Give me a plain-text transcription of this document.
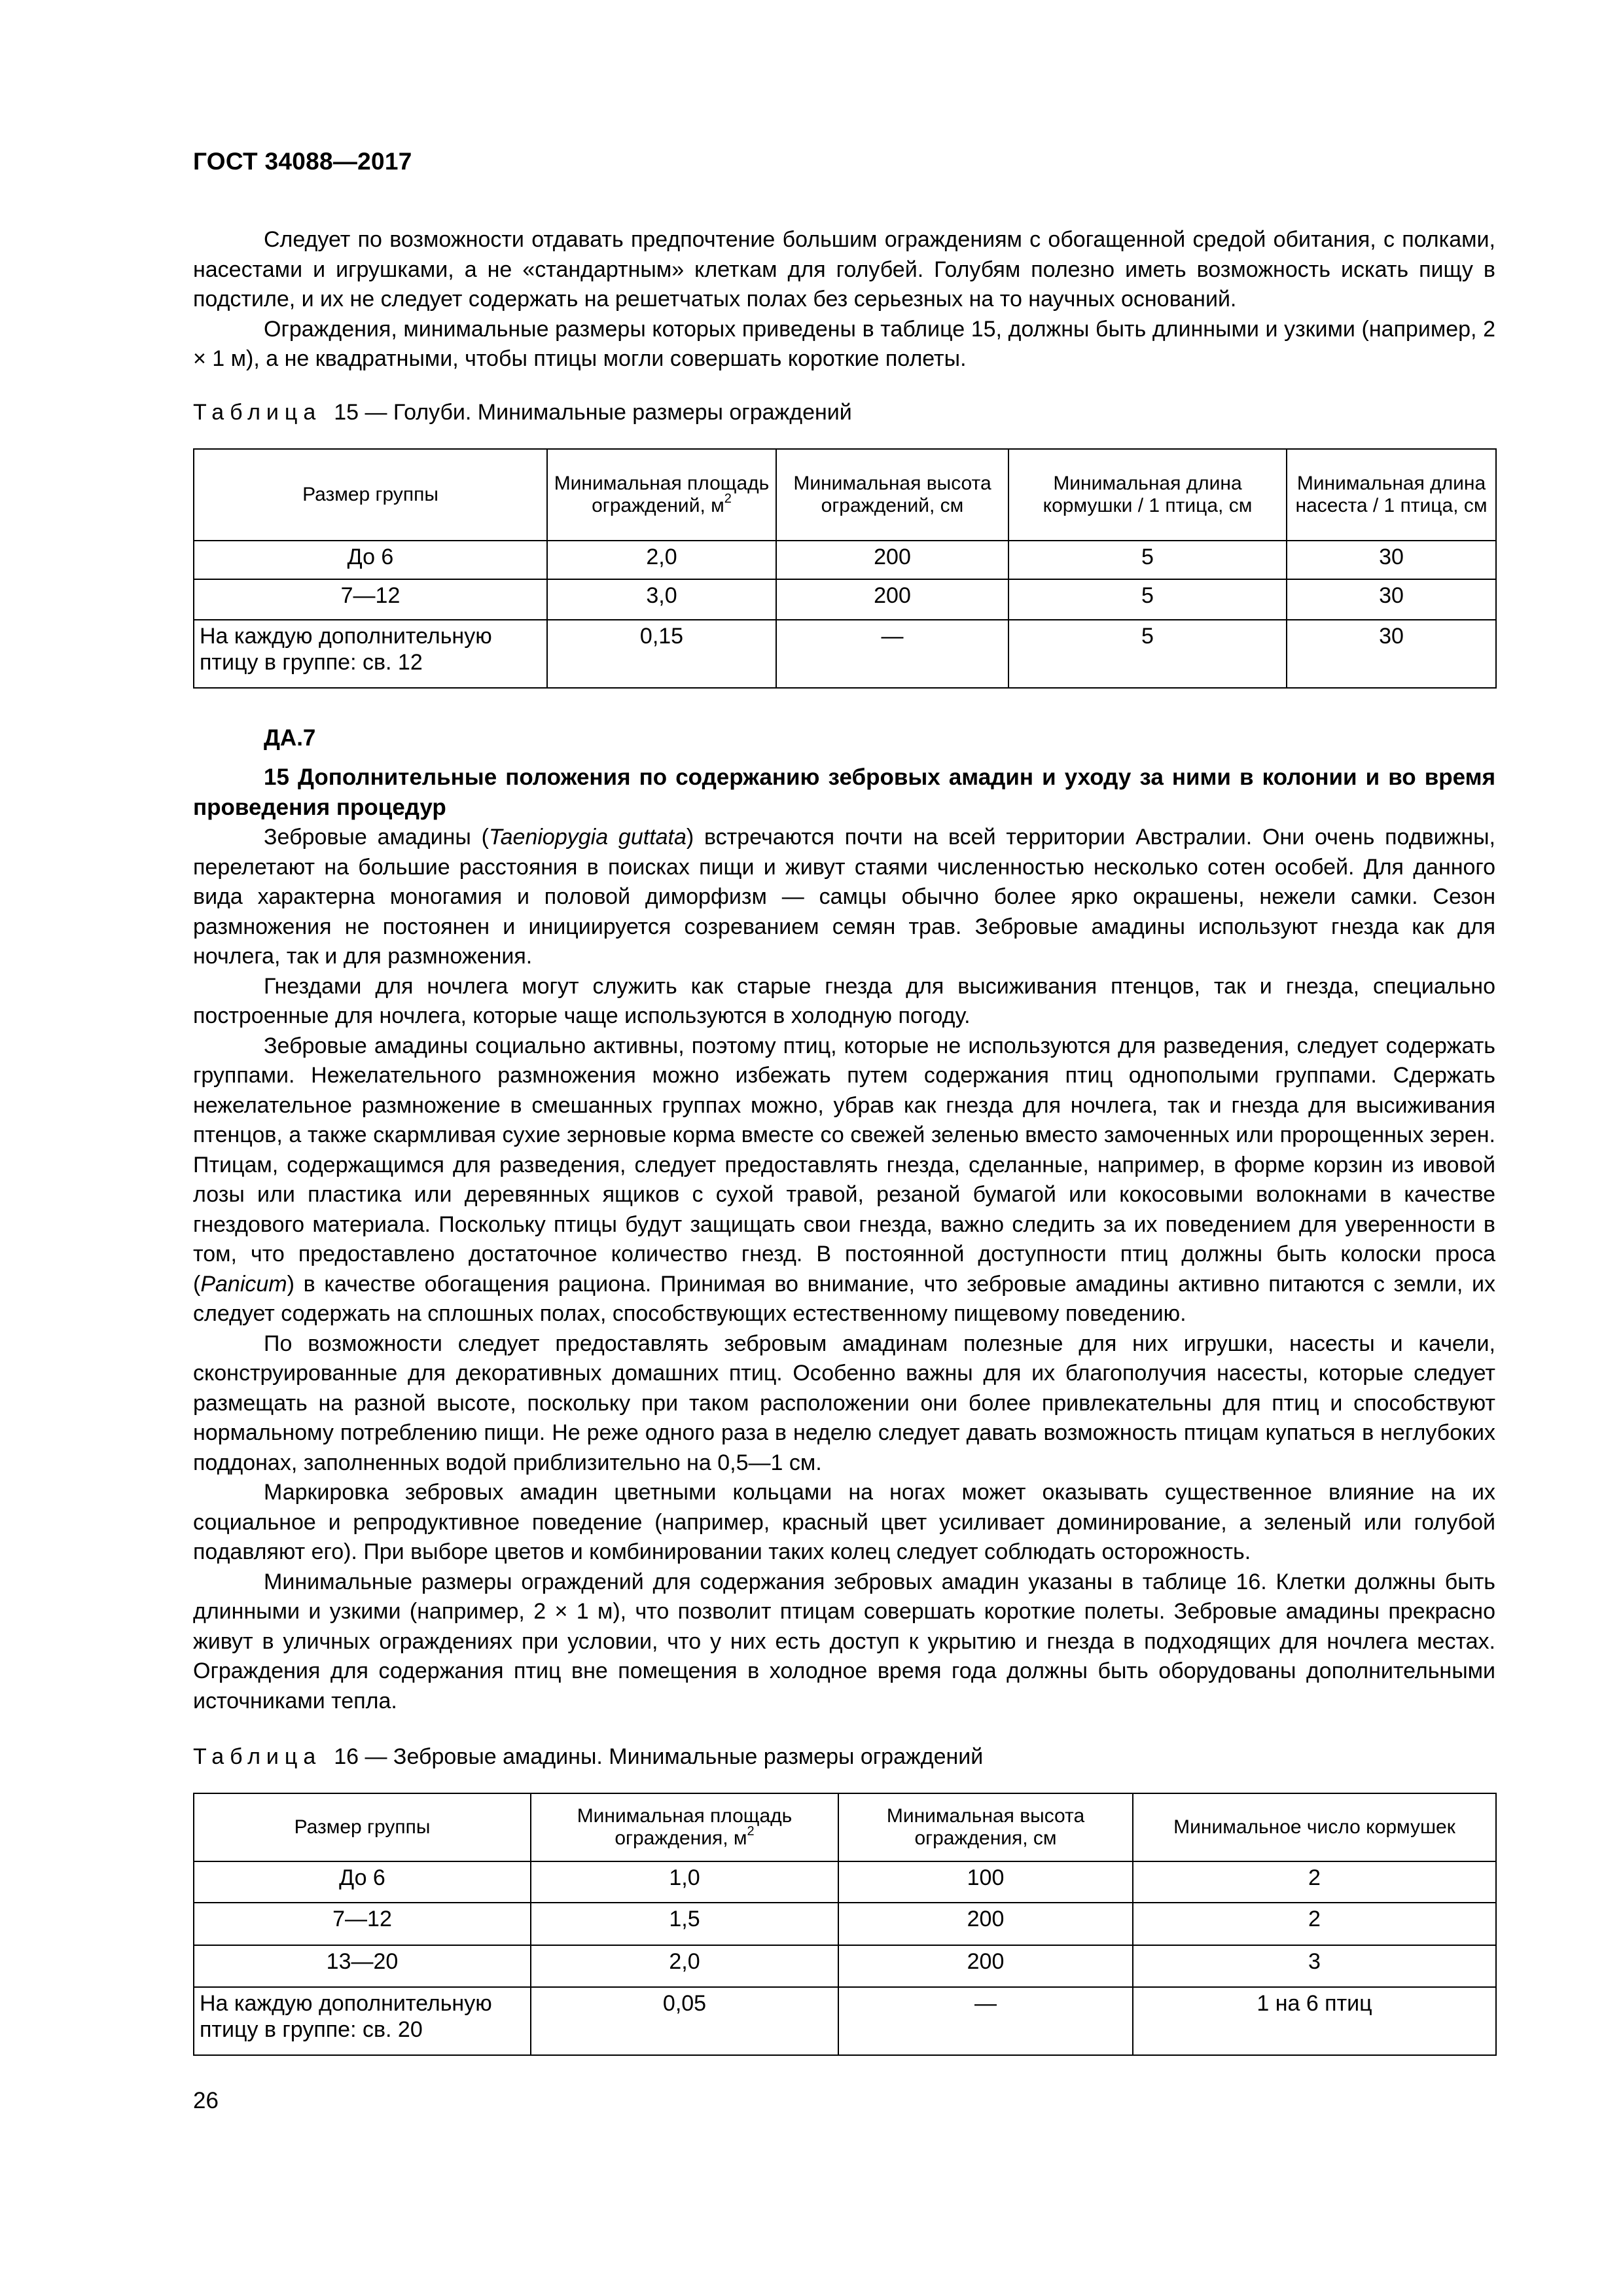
ГОСТ 34088—2017

Следует по возможности отдавать предпочтение большим ограждениям с обогащенной средой обитания, с полками, насестами и игрушками, а не «стандартным» клеткам для голубей. Голубям полезно иметь возможность искать пищу в подстиле, и их не следует содержать на решетчатых полах без серьезных на то научных оснований.

Ограждения, минимальные размеры которых приведены в таблице 15, должны быть длинными и узкими (например, 2 × 1 м), а не квадратными, чтобы птицы могли совершать короткие полеты.

Таблица 15 — Голуби. Минимальные размеры ограждений
Размер группы	Минимальная площадь ограждений, $м^2$	Минимальная высота ограждений, см	Минимальная длина кормушки / 1 птица, см	Минимальная длина насеста / 1 птица, см
До 6	2,0	200	5	30
7—12	3,0	200	5	30
На каждую дополнительную птицу в группе: св. 12	0,15	—	5	30
ДА.7
15 Дополнительные положения по содержанию зебровых амадин и уходу за ними в колонии и во время проведения процедур

Зебровые амадины (Taeniopygia guttata) встречаются почти на всей территории Австралии. Они очень подвижны, перелетают на большие расстояния в поисках пищи и живут стаями численностью несколько сотен особей. Для данного вида характерна моногамия и половой диморфизм — самцы обычно более ярко окрашены, нежели самки. Сезон размножения не постоянен и инициируется созреванием семян трав. Зебровые амадины используют гнезда как для ночлега, так и для размножения.

Гнездами для ночлега могут служить как старые гнезда для высиживания птенцов, так и гнезда, специально построенные для ночлега, которые чаще используются в холодную погоду.

Зебровые амадины социально активны, поэтому птиц, которые не используются для разведения, следует содержать группами. Нежелательного размножения можно избежать путем содержания птиц однополыми группами. Сдержать нежелательное размножение в смешанных группах можно, убрав как гнезда для ночлега, так и гнезда для высиживания птенцов, а также скармливая сухие зерновые корма вместе со свежей зеленью вместо замоченных или пророщенных зерен. Птицам, содержащимся для разведения, следует предоставлять гнезда, сделанные, например, в форме корзин из ивовой лозы или пластика или деревянных ящиков с сухой травой, резаной бумагой или кокосовыми волокнами в качестве гнездового материала. Поскольку птицы будут защищать свои гнезда, важно следить за их поведением для уверенности в том, что предоставлено достаточное количество гнезд. В постоянной доступности птиц должны быть колоски проса (Panicum) в качестве обогащения рациона. Принимая во внимание, что зебровые амадины активно питаются с земли, их следует содержать на сплошных полах, способствующих естественному пищевому поведению.

По возможности следует предоставлять зебровым амадинам полезные для них игрушки, насесты и качели, сконструированные для декоративных домашних птиц. Особенно важны для их благополучия насесты, которые следует размещать на разной высоте, поскольку при таком расположении они более привлекательны для птиц и способствуют нормальному потреблению пищи. Не реже одного раза в неделю следует давать возможность птицам купаться в неглубоких поддонах, заполненных водой приблизительно на 0,5—1 см.

Маркировка зебровых амадин цветными кольцами на ногах может оказывать существенное влияние на их социальное и репродуктивное поведение (например, красный цвет усиливает доминирование, а зеленый или голубой подавляют его). При выборе цветов и комбинировании таких колец следует соблюдать осторожность.

Минимальные размеры ограждений для содержания зебровых амадин указаны в таблице 16. Клетки должны быть длинными и узкими (например, 2 × 1 м), что позволит птицам совершать короткие полеты. Зебровые амадины прекрасно живут в уличных ограждениях при условии, что у них есть доступ к укрытию и гнезда в подходящих для ночлега местах. Ограждения для содержания птиц вне помещения в холодное время года должны быть оборудованы дополнительными источниками тепла.

Таблица 16 — Зебровые амадины. Минимальные размеры ограждений
Размер группы	Минимальная площадь ограждения, $м^2$	Минимальная высота ограждения, см	Минимальное число кормушек
До 6	1,0	100	2
7—12	1,5	200	2
13—20	2,0	200	3
На каждую дополнительную птицу в группе: св. 20	0,05	—	1 на 6 птиц
26
